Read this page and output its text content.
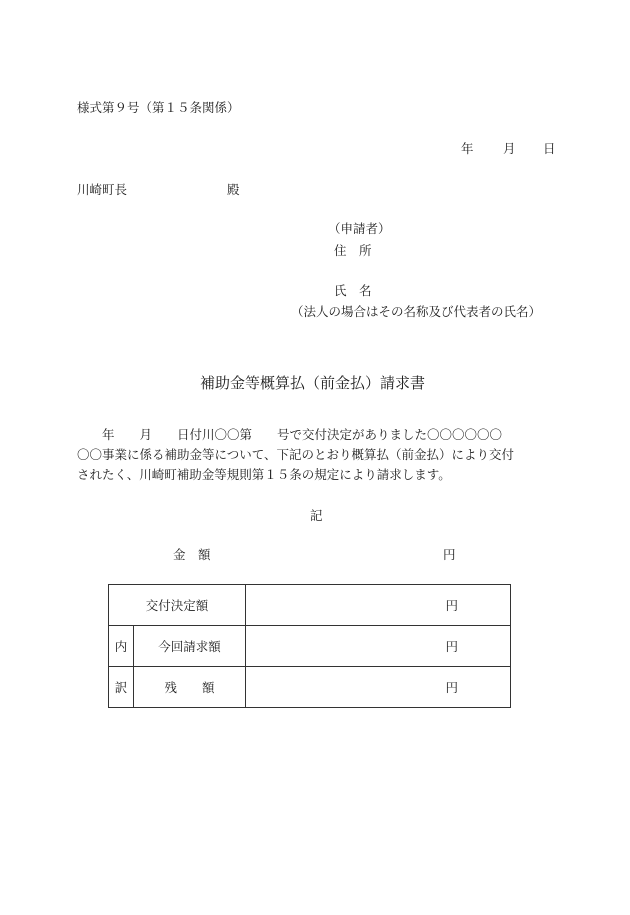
様式第９号（第１５条関係）
年 月 日
川崎町長	殿
（申請者）
住　所
氏　名
（法人の場合はその名称及び代表者の氏名）
補助金等概算払（前金払）請求書
　　年　　月　　日付川〇〇第　　号で交付決定がありました〇〇〇〇〇〇
〇〇事業に係る補助金等について、下記のとおり概算払（前金払）により交付
されたく、川崎町補助金等規則第１５条の規定により請求します。
記
金　額	円
交付決定額		円
内	今回請求額	円
訳	残　　額	円
